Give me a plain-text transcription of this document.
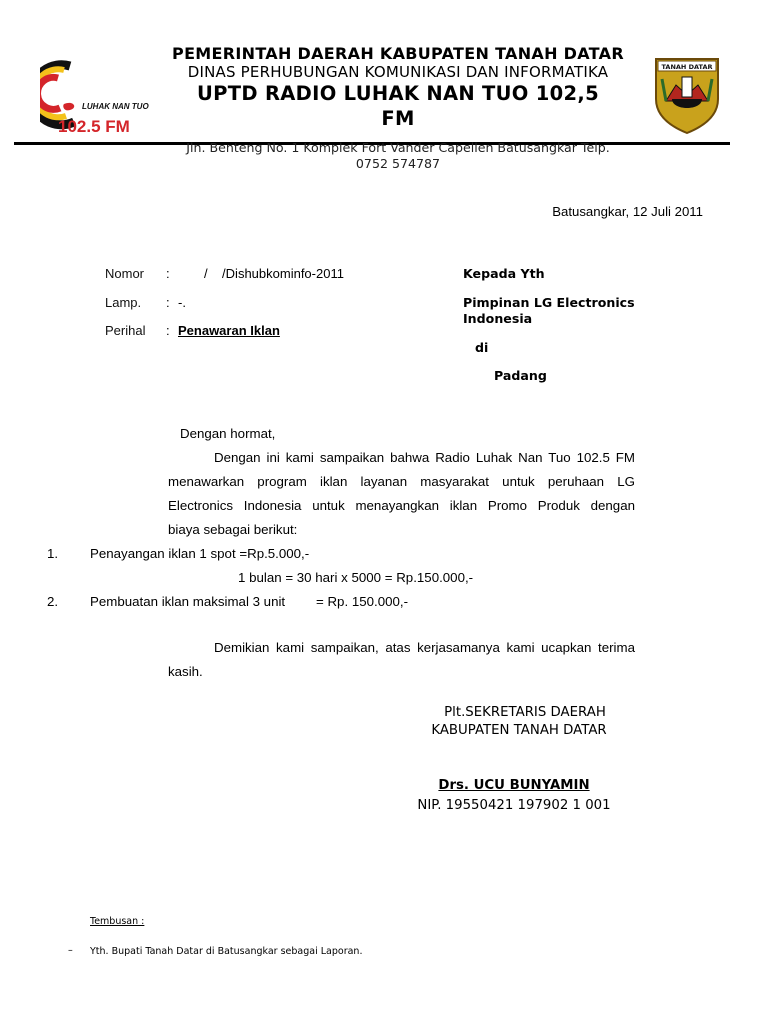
LUHAK NAN TUO
102.5 FM
TANAH DATAR
PEMERINTAH DAERAH KABUPATEN TANAH DATAR
DINAS PERHUBUNGAN KOMUNIKASI DAN INFORMATIKA
UPTD RADIO LUHAK NAN TUO 102,5
FM
Jln. Benteng No. 1 Komplek Fort Vander Capellen Batusangkar Telp.
0752 574787
Batusangkar, 12 Juli 2011
Nomor :	/    /Dishubkominfo-2011
Lamp. : -.
Perihal : Penawaran Iklan
Kepada Yth
Pimpinan LG Electronics
Indonesia
di
Padang
Dengan hormat,
Dengan ini kami sampaikan bahwa Radio Luhak Nan Tuo 102.5 FM
menawarkan program iklan layanan masyarakat untuk peruhaan LG Electronics Indonesia untuk menayangkan iklan Promo Produk dengan
biaya sebagai berikut:
1. Penayangan iklan 1 spot =Rp.5.000,-
1 bulan = 30 hari x 5000 = Rp.150.000,-
2. Pembuatan iklan maksimal 3 unit = Rp. 150.000,-
Demikian kami sampaikan, atas kerjasamanya kami ucapkan terima
kasih.
Plt.SEKRETARIS DAERAH
KABUPATEN TANAH DATAR
Drs. UCU BUNYAMIN
NIP. 19550421 197902 1 001
Tembusan :
– Yth. Bupati Tanah Datar di Batusangkar sebagai Laporan.
